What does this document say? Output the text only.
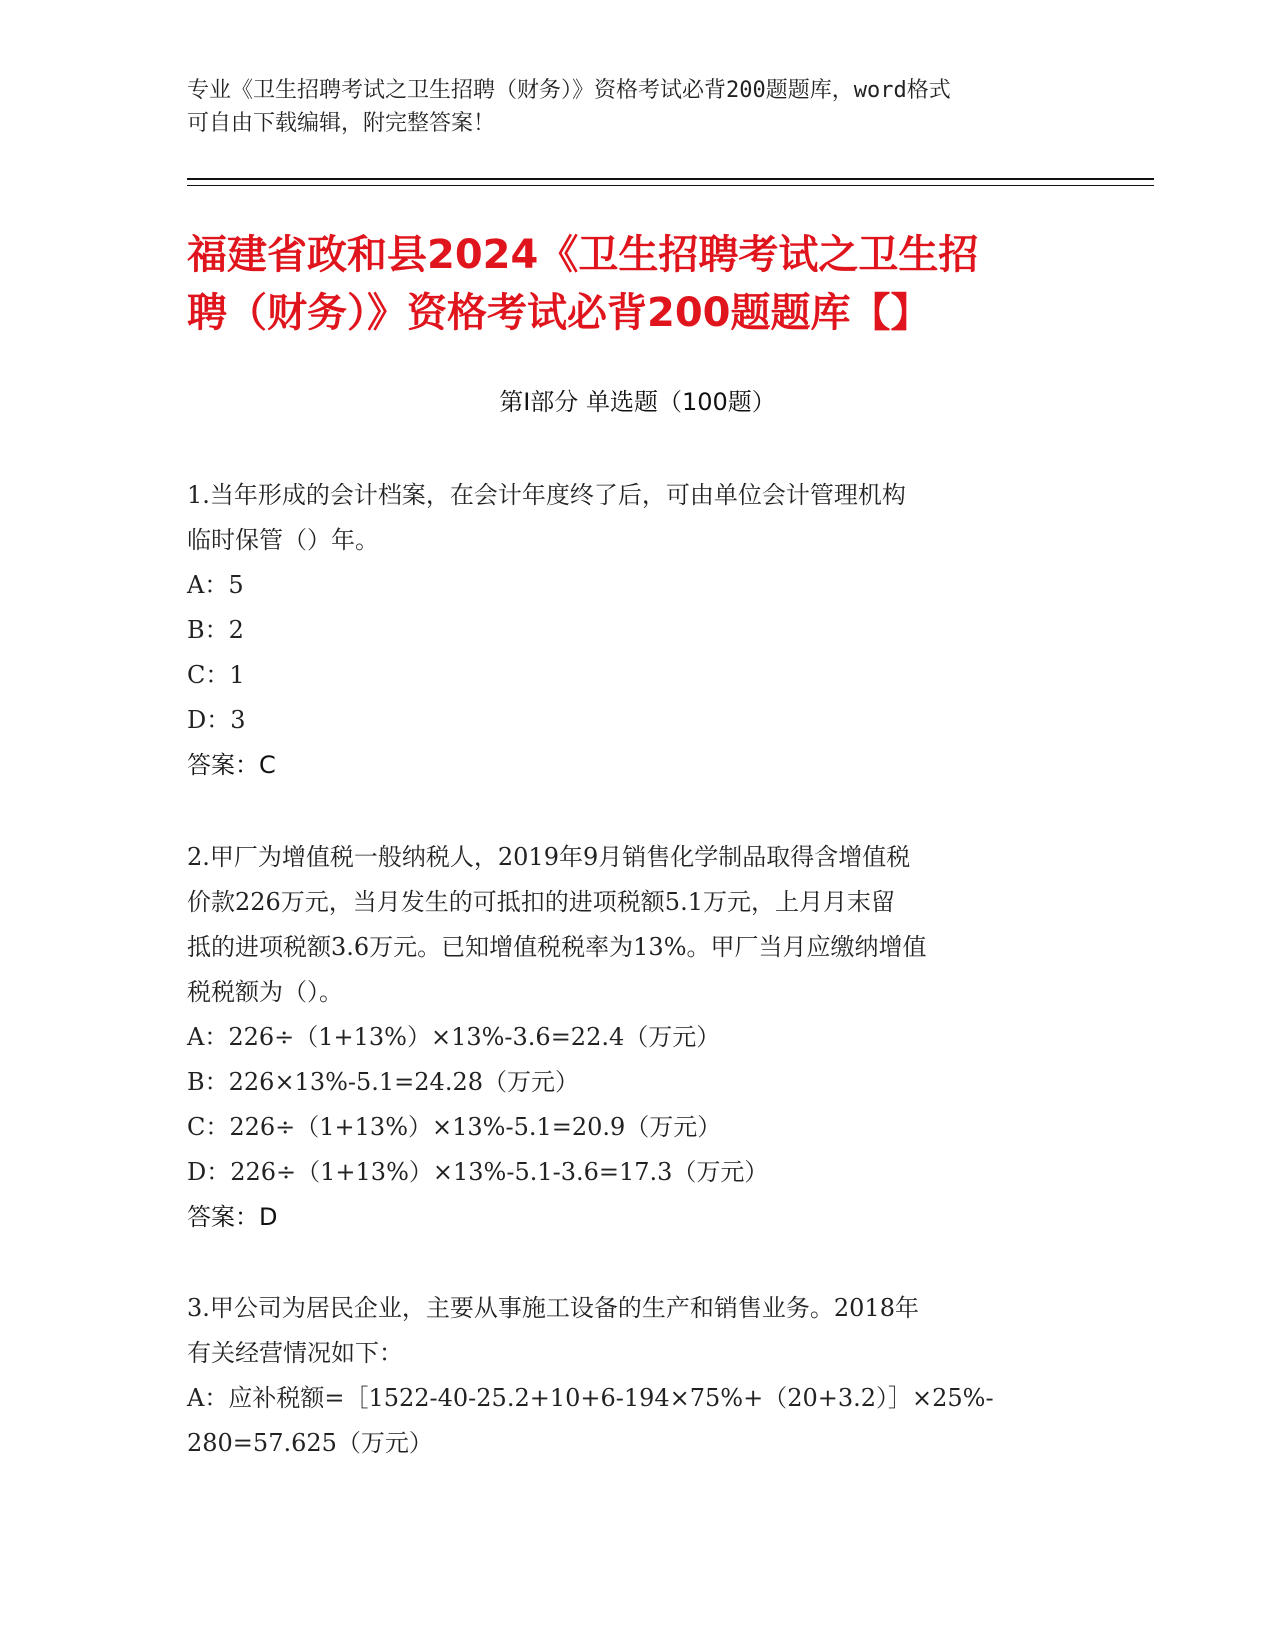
专业《卫生招聘考试之卫生招聘（财务）》资格考试必背200题题库，word格式
可自由下载编辑，附完整答案！
福建省政和县2024《卫生招聘考试之卫生招
聘（财务）》资格考试必背200题题库【】
第I部分 单选题（100题）
1.当年形成的会计档案，在会计年度终了后，可由单位会计管理机构
临时保管（）年。
A：5
B：2
C：1
D：3
答案：C
2.甲厂为增值税一般纳税人，2019年9月销售化学制品取得含增值税
价款226万元，当月发生的可抵扣的进项税额5.1万元，上月月末留
抵的进项税额3.6万元。已知增值税税率为13%。甲厂当月应缴纳增值
税税额为（）。
A：226÷（1+13%）×13%-3.6=22.4（万元）
B：226×13%-5.1=24.28（万元）
C：226÷（1+13%）×13%-5.1=20.9（万元）
D：226÷（1+13%）×13%-5.1-3.6=17.3（万元）
答案：D
3.甲公司为居民企业，主要从事施工设备的生产和销售业务。2018年
有关经营情况如下：
A：应补税额=［1522-40-25.2+10+6-194×75%+（20+3.2）］×25%-
280=57.625（万元）
